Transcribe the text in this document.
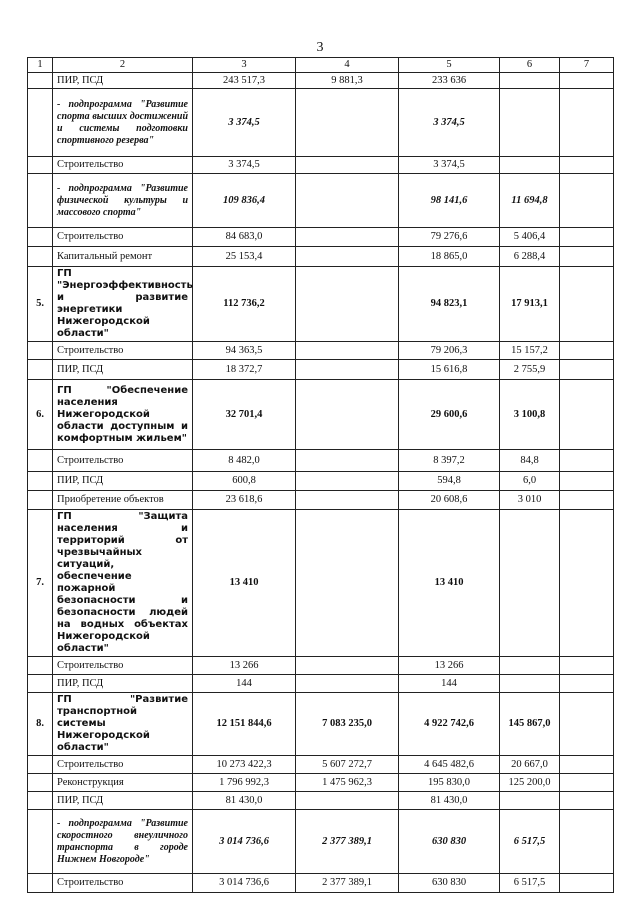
3
1	2	3	4	5	6	7
	ПИР, ПСД	243 517,3	9 881,3	233 636		
	- подпрограмма "Развитие спорта высших достижений и системы подготовки спортивного резерва"	3 374,5		3 374,5		
	Строительство	3 374,5		3 374,5		
	- подпрограмма "Развитие физической культуры и массового спорта"	109 836,4		98 141,6	11 694,8	
	Строительство	84 683,0		79 276,6	5 406,4	
	Капитальный ремонт	25 153,4		18 865,0	6 288,4	
5.	ГП "Энергоэффективность и развитие энергетики Нижегородской области"	112 736,2		94 823,1	17 913,1	
	Строительство	94 363,5		79 206,3	15 157,2	
	ПИР, ПСД	18 372,7		15 616,8	2 755,9	
6.	ГП "Обеспечение населения Нижегородской области доступным и комфортным жильем"	32 701,4		29 600,6	3 100,8	
	Строительство	8 482,0		8 397,2	84,8	
	ПИР, ПСД	600,8		594,8	6,0	
	Приобретение объектов	23 618,6		20 608,6	3 010	
7.	ГП "Защита населения и территорий от чрезвычайных ситуаций, обеспечение пожарной безопасности и безопасности людей на водных объектах Нижегородской области"	13 410		13 410		
	Строительство	13 266		13 266		
	ПИР, ПСД	144		144		
8.	ГП "Развитие транспортной системы Нижегородской области"	12 151 844,6	7 083 235,0	4 922 742,6	145 867,0	
	Строительство	10 273 422,3	5 607 272,7	4 645 482,6	20 667,0	
	Реконструкция	1 796 992,3	1 475 962,3	195 830,0	125 200,0	
	ПИР, ПСД	81 430,0		81 430,0		
	- подпрограмма "Развитие скоростного внеуличного транспорта в городе Нижнем Новгороде"	3 014 736,6	2 377 389,1	630 830	6 517,5	
	Строительство	3 014 736,6	2 377 389,1	630 830	6 517,5	
